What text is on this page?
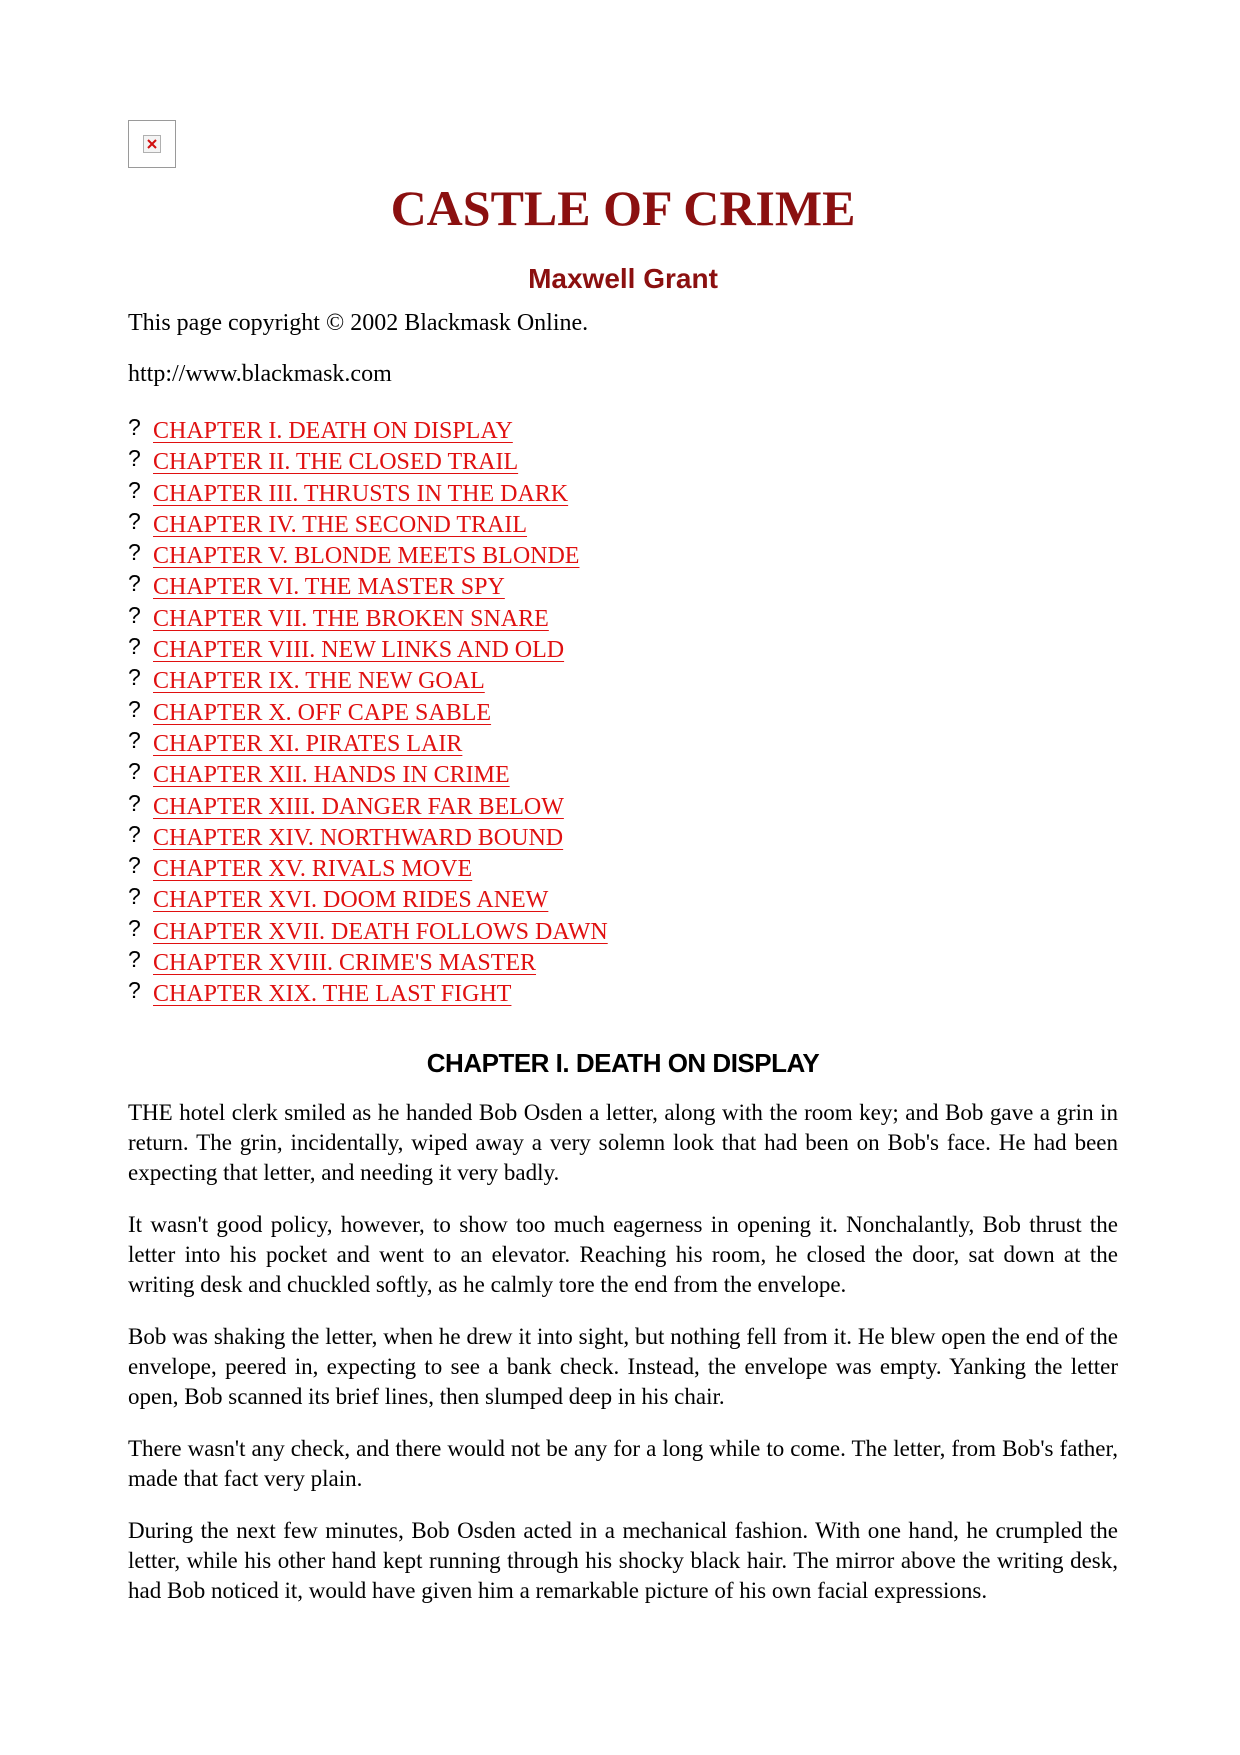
CASTLE OF CRIME
Maxwell Grant

This page copyright © 2002 Blackmask Online.

http://www.blackmask.com

? CHAPTER I. DEATH ON DISPLAY
? CHAPTER II. THE CLOSED TRAIL
? CHAPTER III. THRUSTS IN THE DARK
? CHAPTER IV. THE SECOND TRAIL
? CHAPTER V. BLONDE MEETS BLONDE
? CHAPTER VI. THE MASTER SPY
? CHAPTER VII. THE BROKEN SNARE
? CHAPTER VIII. NEW LINKS AND OLD
? CHAPTER IX. THE NEW GOAL
? CHAPTER X. OFF CAPE SABLE
? CHAPTER XI. PIRATES LAIR
? CHAPTER XII. HANDS IN CRIME
? CHAPTER XIII. DANGER FAR BELOW
? CHAPTER XIV. NORTHWARD BOUND
? CHAPTER XV. RIVALS MOVE
? CHAPTER XVI. DOOM RIDES ANEW
? CHAPTER XVII. DEATH FOLLOWS DAWN
? CHAPTER XVIII. CRIME'S MASTER
? CHAPTER XIX. THE LAST FIGHT
CHAPTER I. DEATH ON DISPLAY

THE hotel clerk smiled as he handed Bob Osden a letter, along with the room key; and Bob gave a grin in return. The grin, incidentally, wiped away a very solemn look that had been on Bob's face. He had been expecting that letter, and needing it very badly.

It wasn't good policy, however, to show too much eagerness in opening it. Nonchalantly, Bob thrust the letter into his pocket and went to an elevator. Reaching his room, he closed the door, sat down at the writing desk and chuckled softly, as he calmly tore the end from the envelope.

Bob was shaking the letter, when he drew it into sight, but nothing fell from it. He blew open the end of the envelope, peered in, expecting to see a bank check. Instead, the envelope was empty. Yanking the letter open, Bob scanned its brief lines, then slumped deep in his chair.

There wasn't any check, and there would not be any for a long while to come. The letter, from Bob's father, made that fact very plain.

During the next few minutes, Bob Osden acted in a mechanical fashion. With one hand, he crumpled the letter, while his other hand kept running through his shocky black hair. The mirror above the writing desk, had Bob noticed it, would have given him a remarkable picture of his own facial expressions.
